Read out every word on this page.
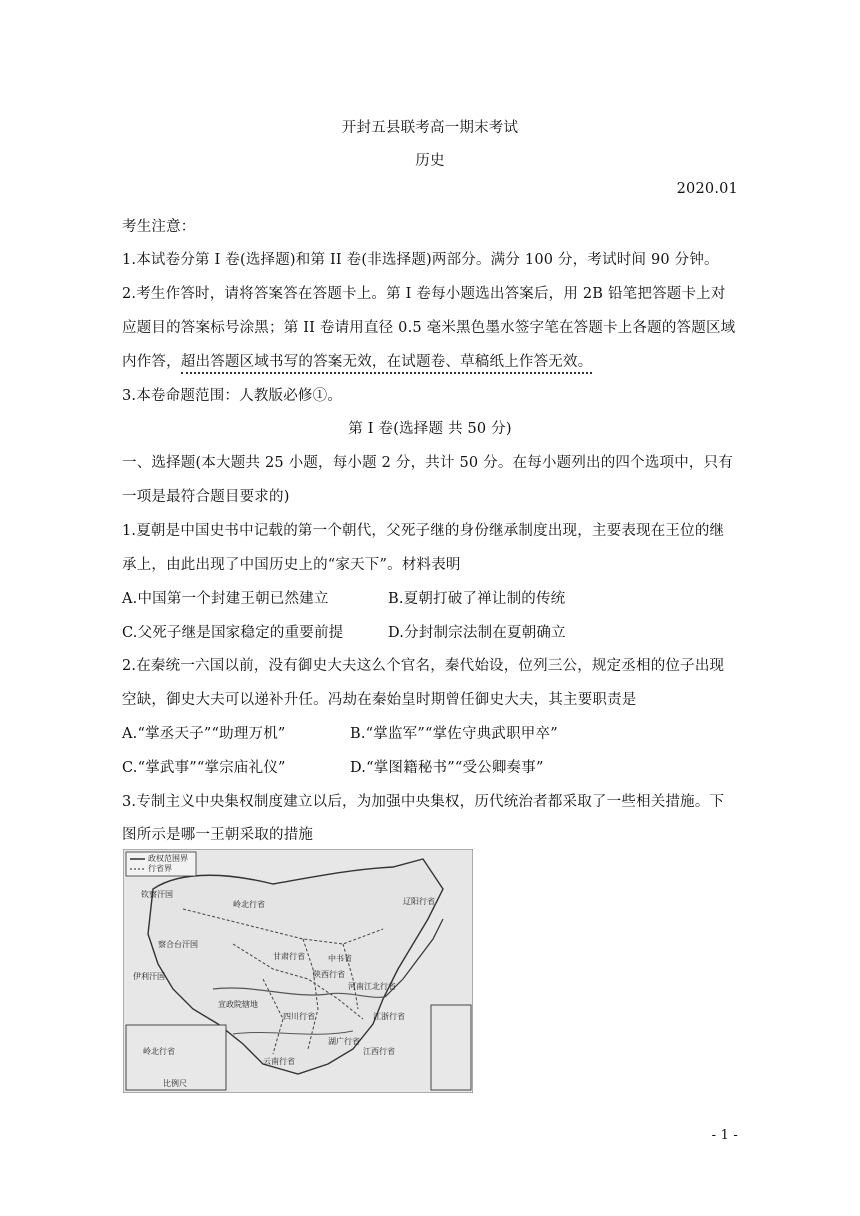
开封五县联考高一期末考试
历史
2020.01
考生注意：
1.本试卷分第 I 卷(选择题)和第 II 卷(非选择题)两部分。满分 100 分，考试时间 90 分钟。
2.考生作答时，请将答案答在答题卡上。第 I 卷每小题选出答案后，用 2B 铅笔把答题卡上对
应题目的答案标号涂黑；第 II 卷请用直径 0.5 毫米黑色墨水签字笔在答题卡上各题的答题区域
内作答，超出答题区域书写的答案无效，在试题卷、草稿纸上作答无效。
3.本卷命题范围：人教版必修①。
第 I 卷(选择题 共 50 分)
一、选择题(本大题共 25 小题，每小题 2 分，共计 50 分。在每小题列出的四个选项中，只有
一项是最符合题目要求的)
1.夏朝是中国史书中记载的第一个朝代，父死子继的身份继承制度出现，主要表现在王位的继
承上，由此出现了中国历史上的“家天下”。材料表明
A.中国第一个封建王朝已然建立	B.夏朝打破了禅让制的传统
C.父死子继是国家稳定的重要前提	D.分封制宗法制在夏朝确立
2.在秦统一六国以前，没有御史大夫这么个官名，秦代始设，位列三公，规定丞相的位子出现
空缺，御史大夫可以递补升任。冯劫在秦始皇时期曾任御史大夫，其主要职责是
A.“掌丞天子”“助理万机”	B.“掌监军”“掌佐守典武职甲卒”
C.“掌武事”“掌宗庙礼仪”	D.“掌图籍秘书”“受公卿奏事”
3.专制主义中央集权制度建立以后，为加强中央集权，历代统治者都采取了一些相关措施。下
图所示是哪一王朝采取的措施
政权范围界
行省界
钦察汗国
岭北行省
察合台汗国
伊利汗国
辽阳行省
甘肃行省	中书省
宣政院辖地
云南行省
湖广行省
江浙行省
江西行省
河南江北行省
四川行省
陕西行省
岭北行省
比例尺
- 1 -
